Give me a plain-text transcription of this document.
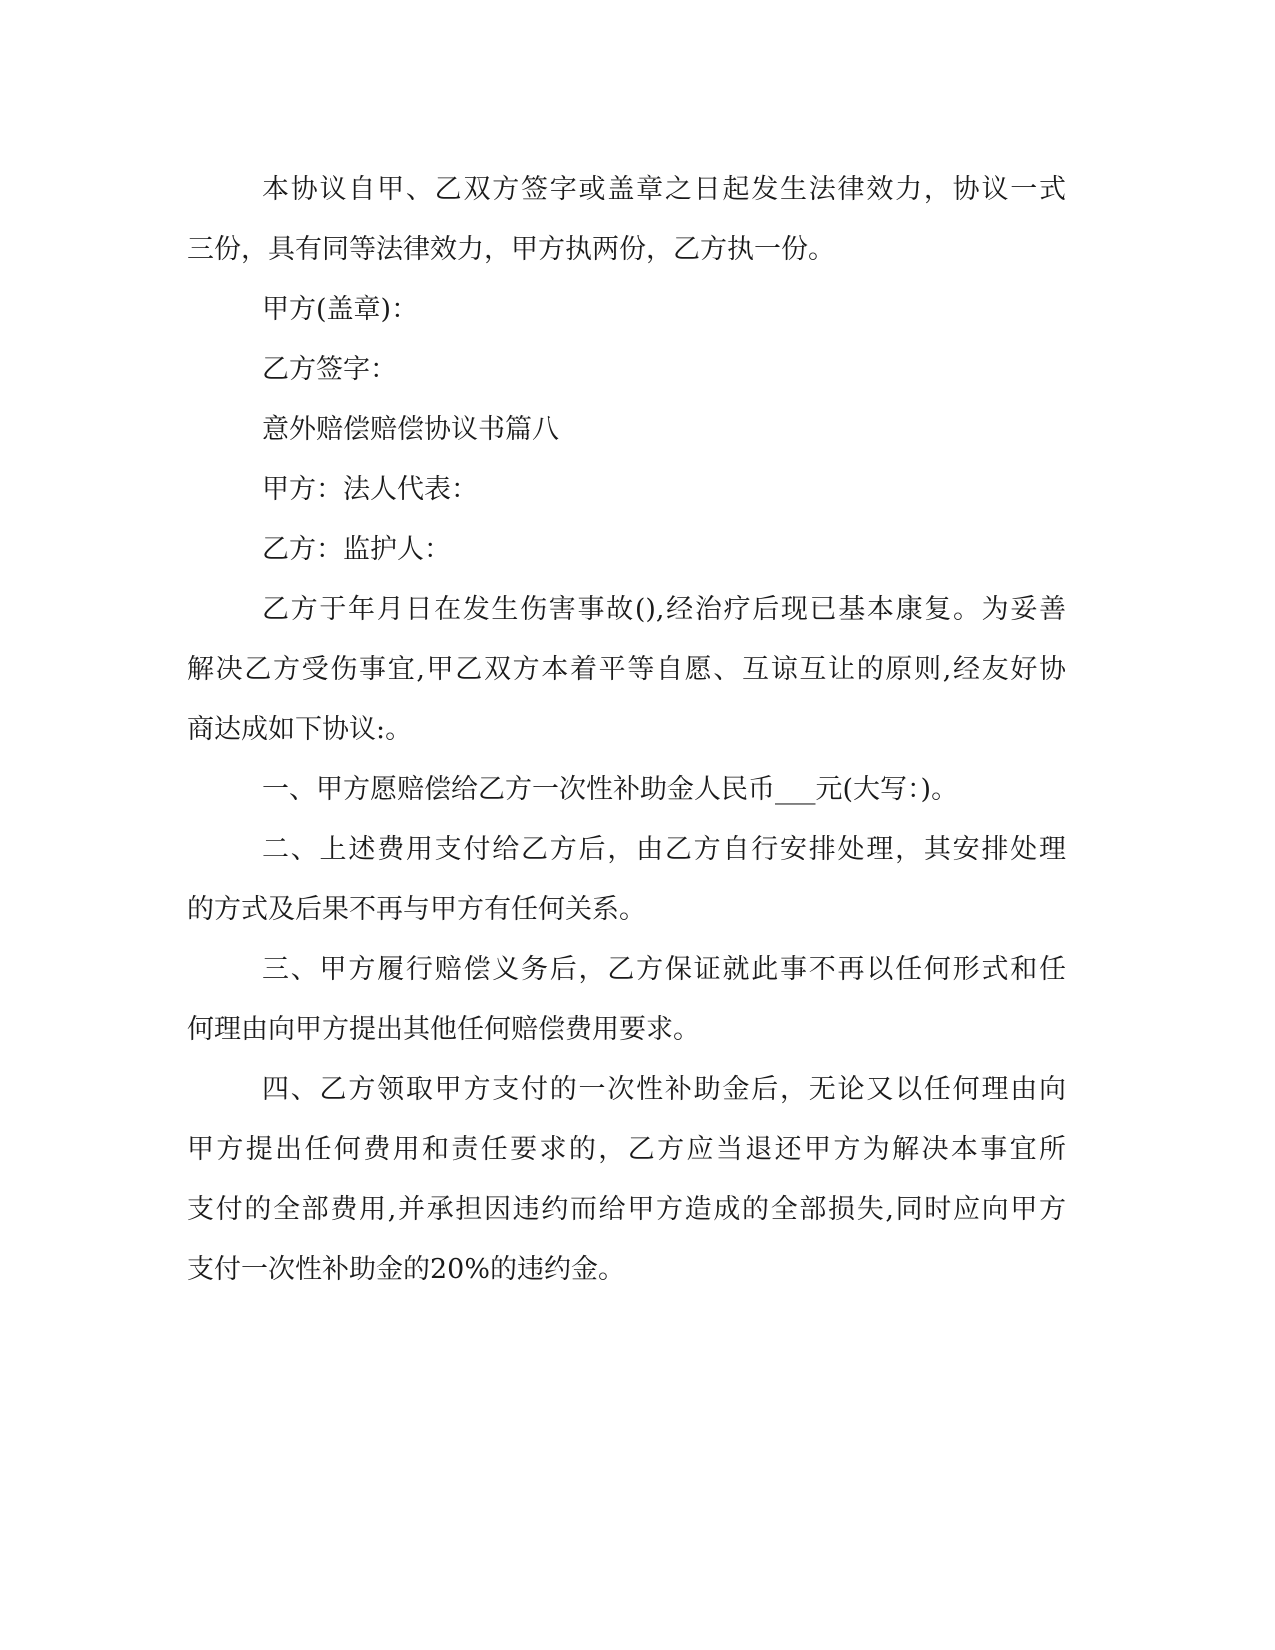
本协议自甲、乙双方签字或盖章之日起发生法律效力，协议一式
三份，具有同等法律效力，甲方执两份，乙方执一份。
甲方(盖章)：
乙方签字：
意外赔偿赔偿协议书篇八
甲方：法人代表：
乙方：监护人：
乙方于年月日在发生伤害事故(),经治疗后现已基本康复。为妥善
解决乙方受伤事宜,甲乙双方本着平等自愿、互谅互让的原则,经友好协
商达成如下协议:。
一、甲方愿赔偿给乙方一次性补助金人民币___元(大写：)。
二、上述费用支付给乙方后，由乙方自行安排处理，其安排处理
的方式及后果不再与甲方有任何关系。
三、甲方履行赔偿义务后，乙方保证就此事不再以任何形式和任
何理由向甲方提出其他任何赔偿费用要求。
四、乙方领取甲方支付的一次性补助金后，无论又以任何理由向
甲方提出任何费用和责任要求的，乙方应当退还甲方为解决本事宜所
支付的全部费用,并承担因违约而给甲方造成的全部损失,同时应向甲方
支付一次性补助金的20%的违约金。
